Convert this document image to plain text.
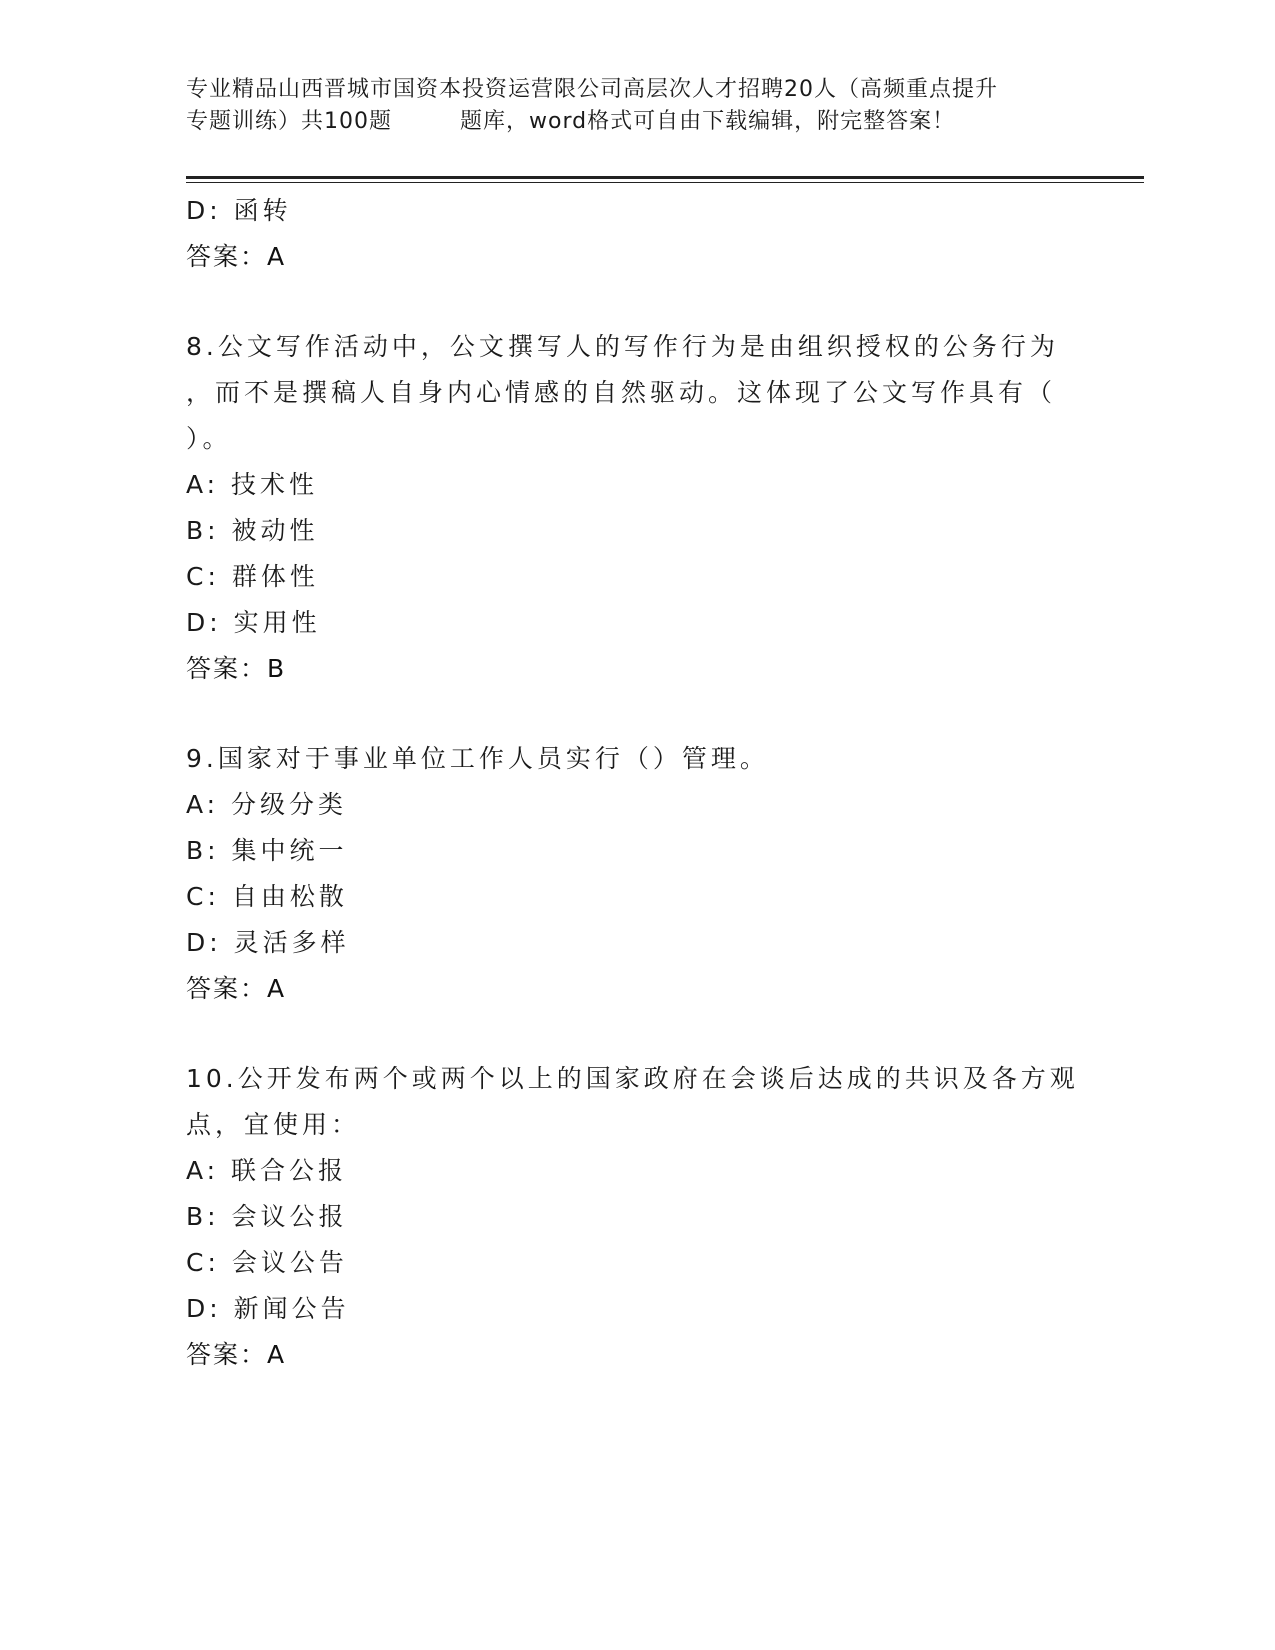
专业精品山西晋城市国资本投资运营限公司高层次人才招聘20人（高频重点提升
专题训练）共100题	题库，word格式可自由下载编辑，附完整答案！
D: 函转
答案：A
8.公文写作活动中，公文撰写人的写作行为是由组织授权的公务行为
，而不是撰稿人自身内心情感的自然驱动。这体现了公文写作具有（
）。
A: 技术性
B: 被动性
C: 群体性
D: 实用性
答案：B
9.国家对于事业单位工作人员实行（）管理。
A: 分级分类
B: 集中统一
C: 自由松散
D: 灵活多样
答案：A
10.公开发布两个或两个以上的国家政府在会谈后达成的共识及各方观
点，宜使用：
A: 联合公报
B: 会议公报
C: 会议公告
D: 新闻公告
答案：A
